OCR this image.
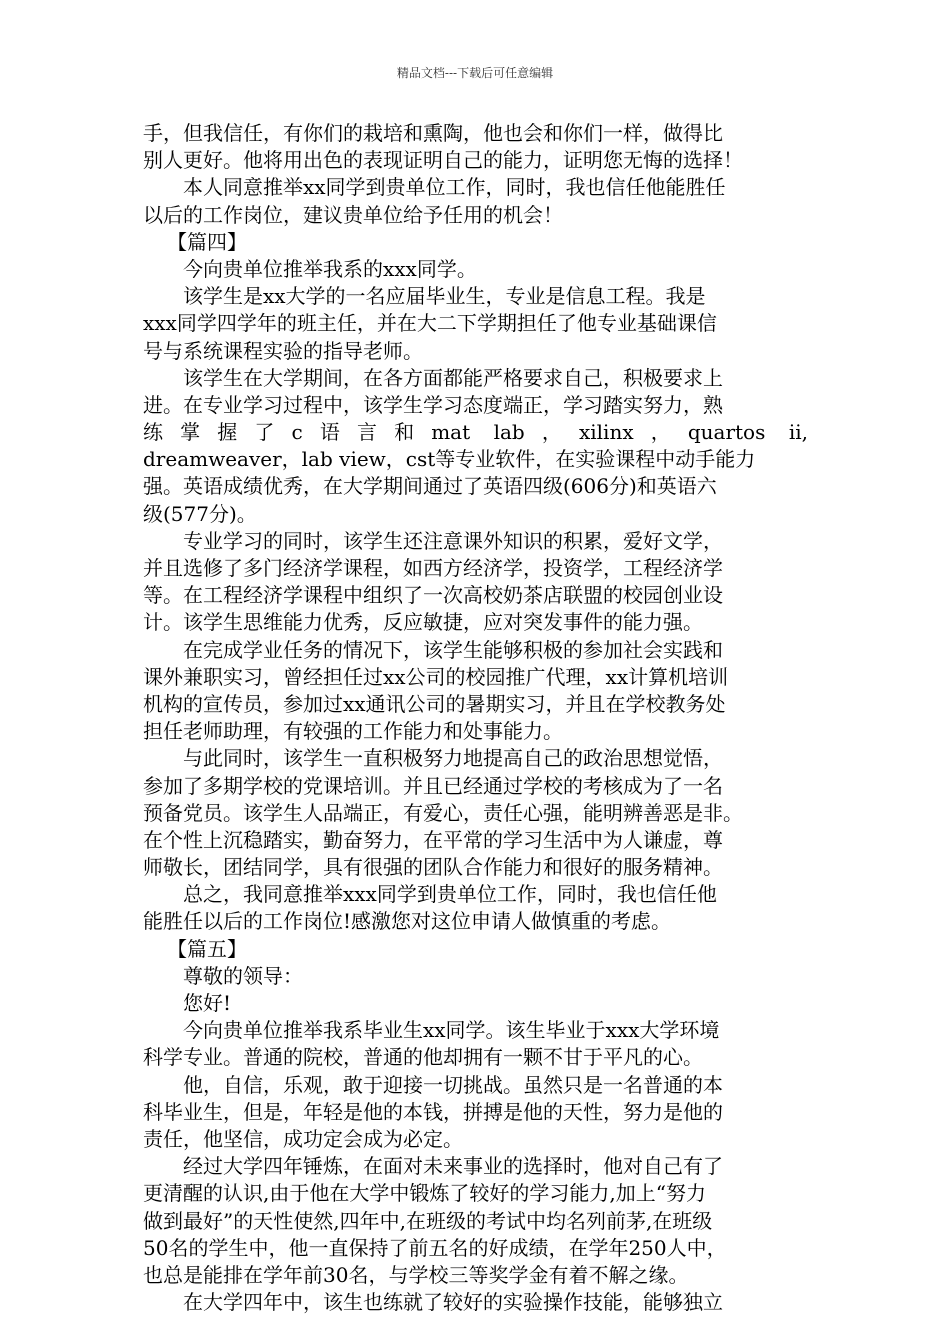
精品文档---下载后可任意编辑
手，但我信任，有你们的栽培和熏陶，他也会和你们一样，做得比
别人更好。他将用出色的表现证明自己的能力，证明您无悔的选择！
本人同意推举xx同学到贵单位工作，同时，我也信任他能胜任
以后的工作岗位，建议贵单位给予任用的机会！
【篇四】
今向贵单位推举我系的xxx同学。
该学生是xx大学的一名应届毕业生，专业是信息工程。我是
xxx同学四学年的班主任，并在大二下学期担任了他专业基础课信
号与系统课程实验的指导老师。
该学生在大学期间，在各方面都能严格要求自己，积极要求上
进。在专业学习过程中，该学生学习态度端正，学习踏实努力，熟
练掌握了c语言和mat lab，xilinx，quartos ii,
dreamweaver，lab view，cst等专业软件，在实验课程中动手能力
强。英语成绩优秀，在大学期间通过了英语四级(606分)和英语六
级(577分)。
专业学习的同时，该学生还注意课外知识的积累，爱好文学，
并且选修了多门经济学课程，如西方经济学，投资学，工程经济学
等。在工程经济学课程中组织了一次高校奶茶店联盟的校园创业设
计。该学生思维能力优秀，反应敏捷，应对突发事件的能力强。
在完成学业任务的情况下，该学生能够积极的参加社会实践和
课外兼职实习，曾经担任过xx公司的校园推广代理，xx计算机培训
机构的宣传员，参加过xx通讯公司的暑期实习，并且在学校教务处
担任老师助理，有较强的工作能力和处事能力。
与此同时，该学生一直积极努力地提高自己的政治思想觉悟，
参加了多期学校的党课培训。并且已经通过学校的考核成为了一名
预备党员。该学生人品端正，有爱心，责任心强，能明辨善恶是非。
在个性上沉稳踏实，勤奋努力，在平常的学习生活中为人谦虚，尊
师敬长，团结同学，具有很强的团队合作能力和很好的服务精神。
总之，我同意推举xxx同学到贵单位工作，同时，我也信任他
能胜任以后的工作岗位!感激您对这位申请人做慎重的考虑。
【篇五】
尊敬的领导：
您好!
今向贵单位推举我系毕业生xx同学。该生毕业于xxx大学环境
科学专业。普通的院校，普通的他却拥有一颗不甘于平凡的心。
他，自信，乐观，敢于迎接一切挑战。虽然只是一名普通的本
科毕业生，但是，年轻是他的本钱，拼搏是他的天性，努力是他的
责任，他坚信，成功定会成为必定。
经过大学四年锤炼，在面对未来事业的选择时，他对自己有了
更清醒的认识,由于他在大学中锻炼了较好的学习能力,加上“努力
做到最好”的天性使然,四年中,在班级的考试中均名列前茅,在班级
50名的学生中，他一直保持了前五名的好成绩，在学年250人中，
也总是能排在学年前30名，与学校三等奖学金有着不解之缘。
在大学四年中，该生也练就了较好的实验操作技能，能够独立
